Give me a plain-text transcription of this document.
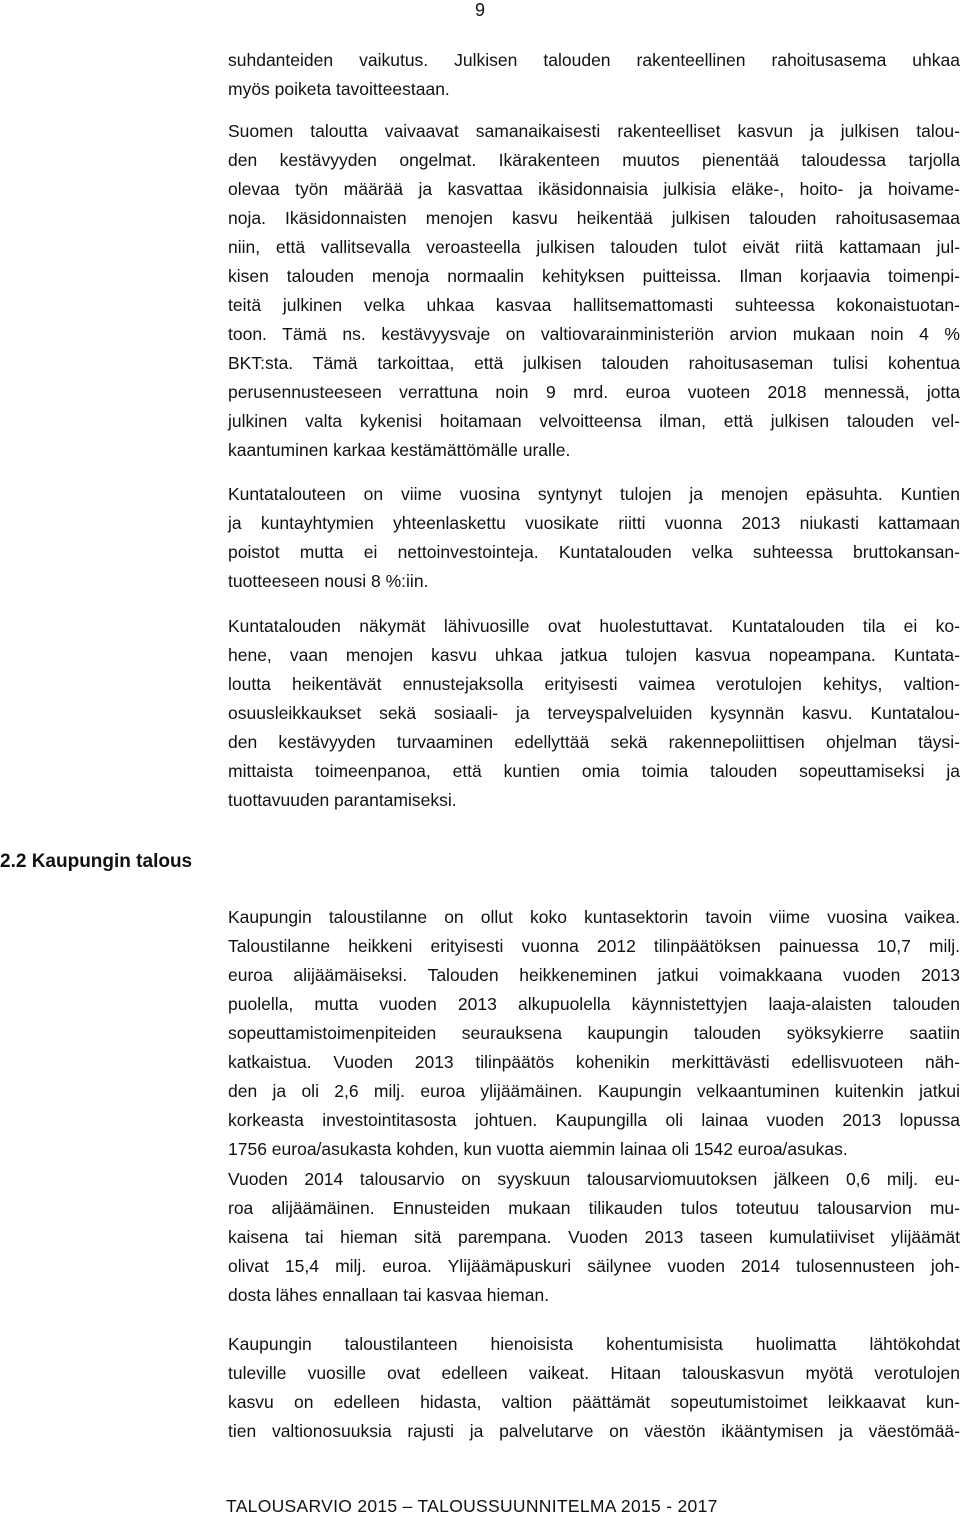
9
suhdanteiden vaikutus. Julkisen talouden rakenteellinen rahoitusasema uhkaa
myös poiketa tavoitteestaan.
Suomen taloutta vaivaavat samanaikaisesti rakenteelliset kasvun ja julkisen talou-
den kestävyyden ongelmat. Ikärakenteen muutos pienentää taloudessa tarjolla
olevaa työn määrää ja kasvattaa ikäsidonnaisia julkisia eläke-, hoito- ja hoivame-
noja. Ikäsidonnaisten menojen kasvu heikentää julkisen talouden rahoitusasemaa
niin, että vallitsevalla veroasteella julkisen talouden tulot eivät riitä kattamaan jul-
kisen talouden menoja normaalin kehityksen puitteissa. Ilman korjaavia toimenpi-
teitä julkinen velka uhkaa kasvaa hallitsemattomasti suhteessa kokonaistuotan-
toon. Tämä ns. kestävyysvaje on valtiovarainministeriön arvion mukaan noin 4 %
BKT:sta. Tämä tarkoittaa, että julkisen talouden rahoitusaseman tulisi kohentua
perusennusteeseen verrattuna noin 9 mrd. euroa vuoteen 2018 mennessä, jotta
julkinen valta kykenisi hoitamaan velvoitteensa ilman, että julkisen talouden vel-
kaantuminen karkaa kestämättömälle uralle.
Kuntatalouteen on viime vuosina syntynyt tulojen ja menojen epäsuhta. Kuntien
ja kuntayhtymien yhteenlaskettu vuosikate riitti vuonna 2013 niukasti kattamaan
poistot mutta ei nettoinvestointeja. Kuntatalouden velka suhteessa bruttokansan-
tuotteeseen nousi 8 %:iin.
Kuntatalouden näkymät lähivuosille ovat huolestuttavat. Kuntatalouden tila ei ko-
hene, vaan menojen kasvu uhkaa jatkua tulojen kasvua nopeampana. Kuntata-
loutta heikentävät ennustejaksolla erityisesti vaimea verotulojen kehitys, valtion-
osuusleikkaukset sekä sosiaali- ja terveyspalveluiden kysynnän kasvu. Kuntatalou-
den kestävyyden turvaaminen edellyttää sekä rakennepoliittisen ohjelman täysi-
mittaista toimeenpanoa, että kuntien omia toimia talouden sopeuttamiseksi ja
tuottavuuden parantamiseksi.
2.2 Kaupungin talous
Kaupungin taloustilanne on ollut koko kuntasektorin tavoin viime vuosina vaikea.
Taloustilanne heikkeni erityisesti vuonna 2012 tilinpäätöksen painuessa 10,7 milj.
euroa alijäämäiseksi. Talouden heikkeneminen jatkui voimakkaana vuoden 2013
puolella, mutta vuoden 2013 alkupuolella käynnistettyjen laaja-alaisten talouden
sopeuttamistoimenpiteiden seurauksena kaupungin talouden syöksykierre saatiin
katkaistua. Vuoden 2013 tilinpäätös kohenikin merkittävästi edellisvuoteen näh-
den ja oli 2,6 milj. euroa ylijäämäinen. Kaupungin velkaantuminen kuitenkin jatkui
korkeasta investointitasosta johtuen. Kaupungilla oli lainaa vuoden 2013 lopussa
1756 euroa/asukasta kohden, kun vuotta aiemmin lainaa oli 1542 euroa/asukas.
Vuoden 2014 talousarvio on syyskuun talousarviomuutoksen jälkeen 0,6 milj. eu-
roa alijäämäinen. Ennusteiden mukaan tilikauden tulos toteutuu talousarvion mu-
kaisena tai hieman sitä parempana. Vuoden 2013 taseen kumulatiiviset ylijäämät
olivat 15,4 milj. euroa. Ylijäämäpuskuri säilynee vuoden 2014 tulosennusteen joh-
dosta lähes ennallaan tai kasvaa hieman.
Kaupungin taloustilanteen hienoisista kohentumisista huolimatta lähtökohdat
tuleville vuosille ovat edelleen vaikeat. Hitaan talouskasvun myötä verotulojen
kasvu on edelleen hidasta, valtion päättämät sopeutumistoimet leikkaavat kun-
tien valtionosuuksia rajusti ja palvelutarve on väestön ikääntymisen ja väestömää-
TALOUSARVIO 2015 – TALOUSSUUNNITELMA 2015 - 2017
